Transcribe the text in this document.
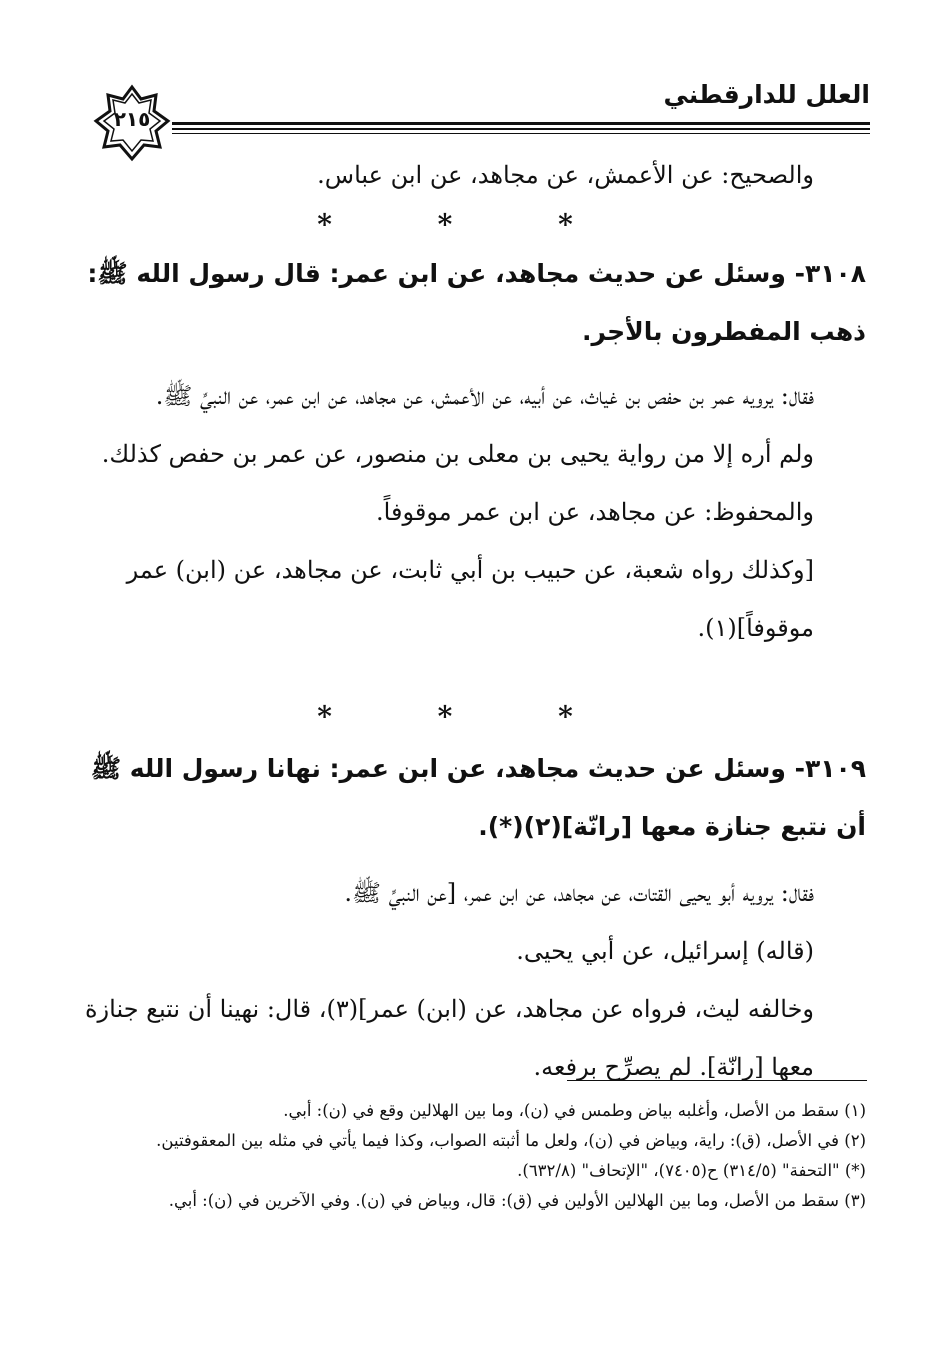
العلل للدارقطني
٢١٥

والصحيح: عن الأعمش، عن مجاهد، عن ابن عباس.

* * *

٣١٠٨- وسئل عن حديث مجاهد، عن ابن عمر: قال رسول الله ﷺ: ذهب المفطرون بالأجر.

فقال: يرويه عمر بن حفص بن غياث، عن أبيه، عن الأعمش، عن مجاهد، عن ابن عمر، عن النبيِّ ﷺ.

ولم أره إلا من رواية يحيى بن معلى بن منصور، عن عمر بن حفص كذلك.

والمحفوظ: عن مجاهد، عن ابن عمر موقوفاً.

[وكذلك رواه شعبة، عن حبيب بن أبي ثابت، عن مجاهد، عن (ابن) عمر موقوفاً](١).

* * *

٣١٠٩- وسئل عن حديث مجاهد، عن ابن عمر: نهانا رسول الله ﷺ أن نتبع جنازة معها [رانّة](٢)(*).

فقال: يرويه أبو يحيى القتات، عن مجاهد، عن ابن عمر، [عن النبيِّ ﷺ.

(قاله) إسرائيل، عن أبي يحيى.

وخالفه ليث، فرواه عن مجاهد، عن (ابن) عمر](٣)، قال: نهينا أن نتبع جنازة معها [رانّة]. لم يصرِّح برفعه.

(١) سقط من الأصل، وأغلبه بياض وطمس في (ن)، وما بين الهلالين وقع في (ن): أبي.

(٢) في الأصل، (ق): راية، وبياض في (ن)، ولعل ما أثبته الصواب، وكذا فيما يأتي في مثله بين المعقوفتين.

(*) "التحفة" (٣١٤/٥) ح(٧٤٠٥)، "الإتحاف" (٦٣٢/٨).

(٣) سقط من الأصل، وما بين الهلالين الأولين في (ق): قال، وبياض في (ن). وفي الآخرين في (ن): أبي.
